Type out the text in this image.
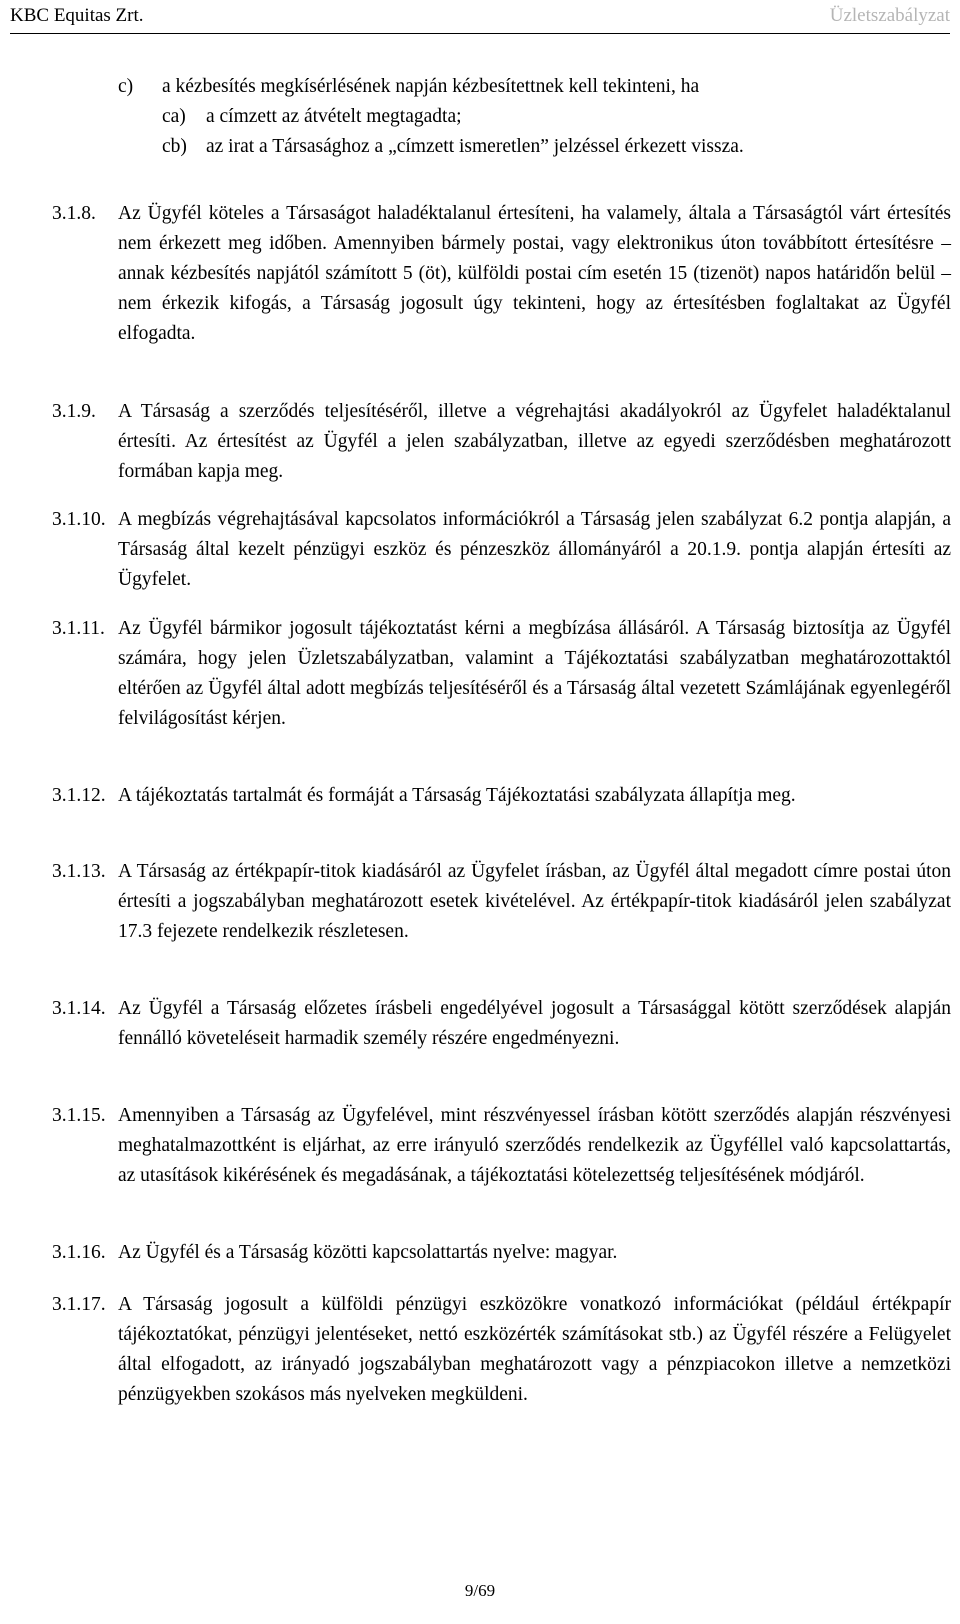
KBC Equitas Zrt.	Üzletszabályzat
c) a kézbesítés megkísérlésének napján kézbesítettnek kell tekinteni, ha
ca) a címzett az átvételt megtagadta;
cb) az irat a Társasághoz a „címzett ismeretlen” jelzéssel érkezett vissza.
3.1.8. Az Ügyfél köteles a Társaságot haladéktalanul értesíteni, ha valamely, általa a Társaságtól várt értesítés nem érkezett meg időben. Amennyiben bármely postai, vagy elektronikus úton továbbított értesítésre – annak kézbesítés napjától számított 5 (öt), külföldi postai cím esetén 15 (tizenöt) napos határidőn belül – nem érkezik kifogás, a Társaság jogosult úgy tekinteni, hogy az értesítésben foglaltakat az Ügyfél elfogadta.
3.1.9. A Társaság a szerződés teljesítéséről, illetve a végrehajtási akadályokról az Ügyfelet haladéktalanul értesíti. Az értesítést az Ügyfél a jelen szabályzatban, illetve az egyedi szerződésben meghatározott formában kapja meg.
3.1.10. A megbízás végrehajtásával kapcsolatos információkról a Társaság jelen szabályzat 6.2 pontja alapján, a Társaság által kezelt pénzügyi eszköz és pénzeszköz állományáról a 20.1.9. pontja alapján értesíti az Ügyfelet.
3.1.11. Az Ügyfél bármikor jogosult tájékoztatást kérni a megbízása állásáról. A Társaság biztosítja az Ügyfél számára, hogy jelen Üzletszabályzatban, valamint a Tájékoztatási szabályzatban meghatározottaktól eltérően az Ügyfél által adott megbízás teljesítéséről és a Társaság által vezetett Számlájának egyenlegéről felvilágosítást kérjen.
3.1.12. A tájékoztatás tartalmát és formáját a Társaság Tájékoztatási szabályzata állapítja meg.
3.1.13. A Társaság az értékpapír-titok kiadásáról az Ügyfelet írásban, az Ügyfél által megadott címre postai úton értesíti a jogszabályban meghatározott esetek kivételével. Az értékpapír-titok kiadásáról jelen szabályzat 17.3 fejezete rendelkezik részletesen.
3.1.14. Az Ügyfél a Társaság előzetes írásbeli engedélyével jogosult a Társasággal kötött szerződések alapján fennálló követeléseit harmadik személy részére engedményezni.
3.1.15. Amennyiben a Társaság az Ügyfelével, mint részvényessel írásban kötött szerződés alapján részvényesi meghatalmazottként is eljárhat, az erre irányuló szerződés rendelkezik az Ügyféllel való kapcsolattartás, az utasítások kikérésének és megadásának, a tájékoztatási kötelezettség teljesítésének módjáról.
3.1.16. Az Ügyfél és a Társaság közötti kapcsolattartás nyelve: magyar.
3.1.17. A Társaság jogosult a külföldi pénzügyi eszközökre vonatkozó információkat (például értékpapír tájékoztatókat, pénzügyi jelentéseket, nettó eszközérték számításokat stb.) az Ügyfél részére a Felügyelet által elfogadott, az irányadó jogszabályban meghatározott vagy a pénzpiacokon illetve a nemzetközi pénzügyekben szokásos más nyelveken megküldeni.
9/69
